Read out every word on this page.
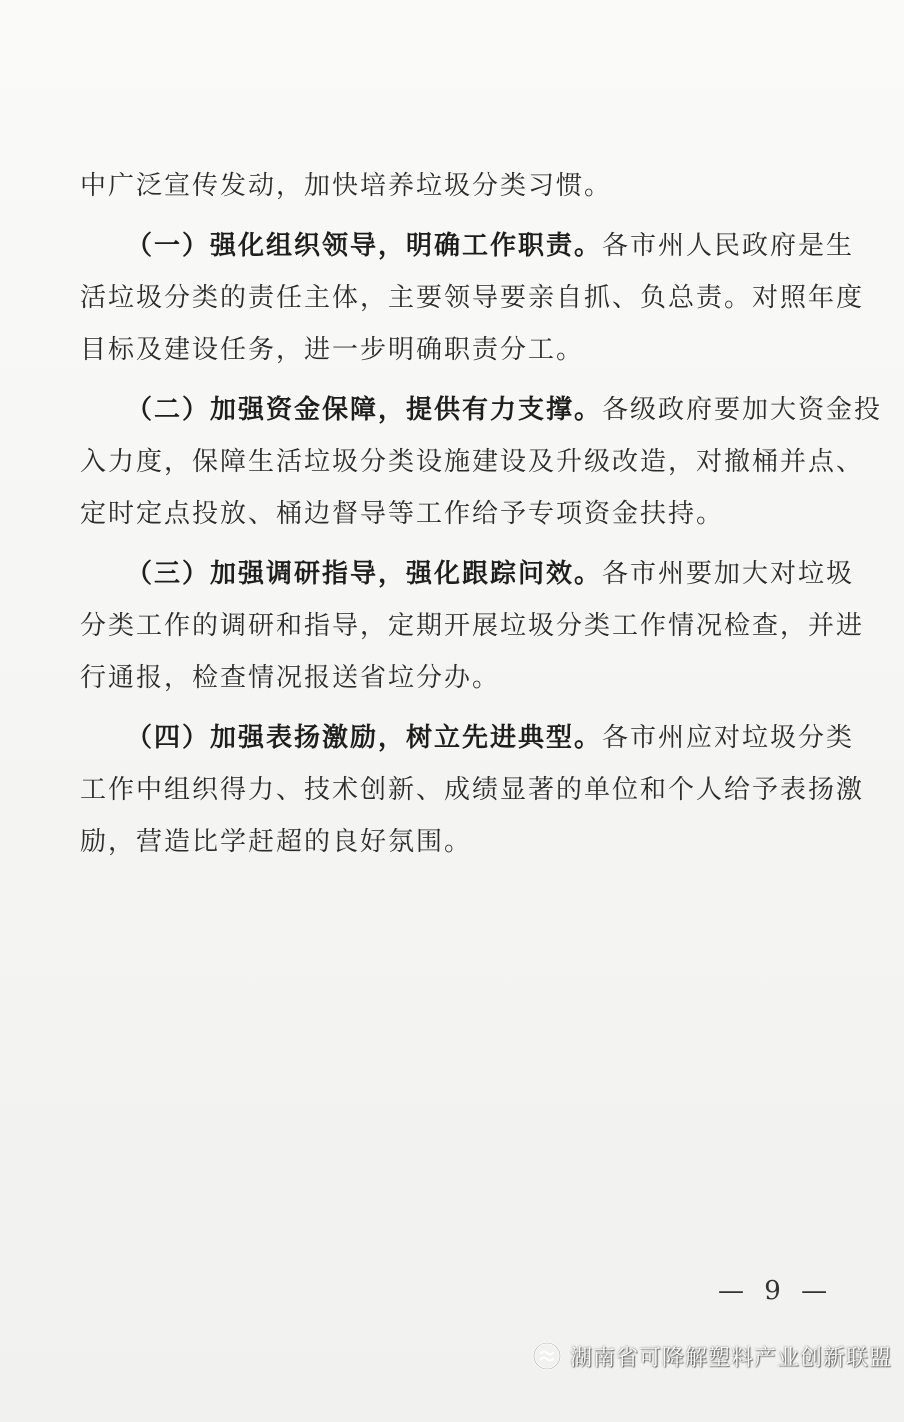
中广泛宣传发动，加快培养垃圾分类习惯。
（一）强化组织领导，明确工作职责。各市州人民政府是生
活垃圾分类的责任主体，主要领导要亲自抓、负总责。对照年度
目标及建设任务，进一步明确职责分工。
（二）加强资金保障，提供有力支撑。各级政府要加大资金投
入力度，保障生活垃圾分类设施建设及升级改造，对撤桶并点、
定时定点投放、桶边督导等工作给予专项资金扶持。
（三）加强调研指导，强化跟踪问效。各市州要加大对垃圾
分类工作的调研和指导，定期开展垃圾分类工作情况检查，并进
行通报，检查情况报送省垃分办。
（四）加强表扬激励，树立先进典型。各市州应对垃圾分类
工作中组织得力、技术创新、成绩显著的单位和个人给予表扬激
励，营造比学赶超的良好氛围。
— 9 —
湖南省可降解塑料产业创新联盟
